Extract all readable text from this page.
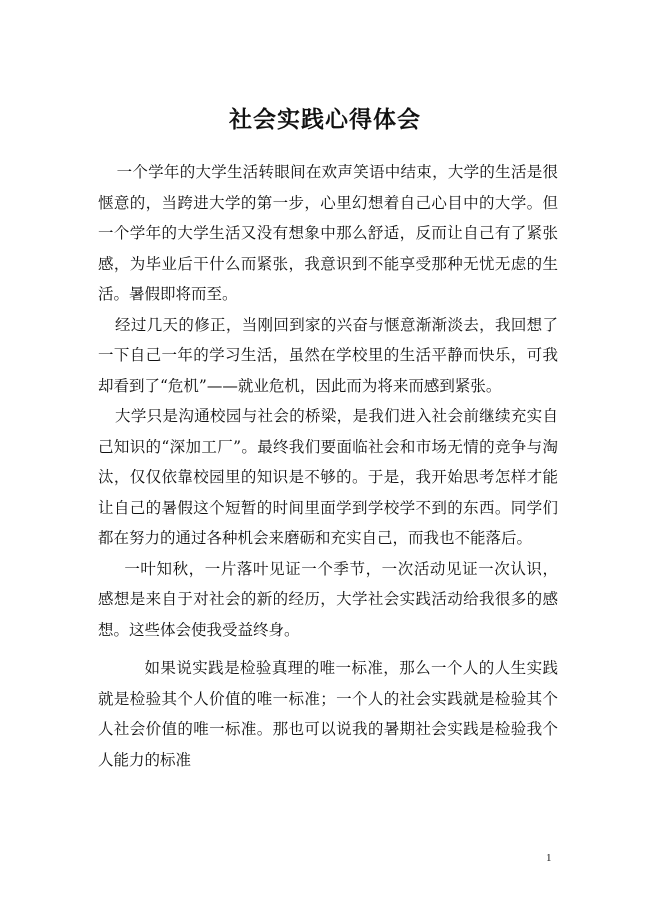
社会实践心得体会

一个学年的大学生活转眼间在欢声笑语中结束，大学的生活是很惬意的，当跨进大学的第一步，心里幻想着自己心目中的大学。但一个学年的大学生活又没有想象中那么舒适，反而让自己有了紧张感，为毕业后干什么而紧张，我意识到不能享受那种无忧无虑的生活。暑假即将而至。

经过几天的修正，当刚回到家的兴奋与惬意渐渐淡去，我回想了一下自己一年的学习生活，虽然在学校里的生活平静而快乐，可我却看到了“危机”——就业危机，因此而为将来而感到紧张。

大学只是沟通校园与社会的桥梁，是我们进入社会前继续充实自己知识的“深加工厂”。最终我们要面临社会和市场无情的竞争与淘汰，仅仅依靠校园里的知识是不够的。于是，我开始思考怎样才能让自己的暑假这个短暂的时间里面学到学校学不到的东西。同学们都在努力的通过各种机会来磨砺和充实自己，而我也不能落后。

一叶知秋，一片落叶见证一个季节，一次活动见证一次认识，感想是来自于对社会的新的经历，大学社会实践活动给我很多的感想。这些体会使我受益终身。

如果说实践是检验真理的唯一标准，那么一个人的人生实践就是检验其个人价值的唯一标准；一个人的社会实践就是检验其个人社会价值的唯一标准。那也可以说我的暑期社会实践是检验我个人能力的标准

1
